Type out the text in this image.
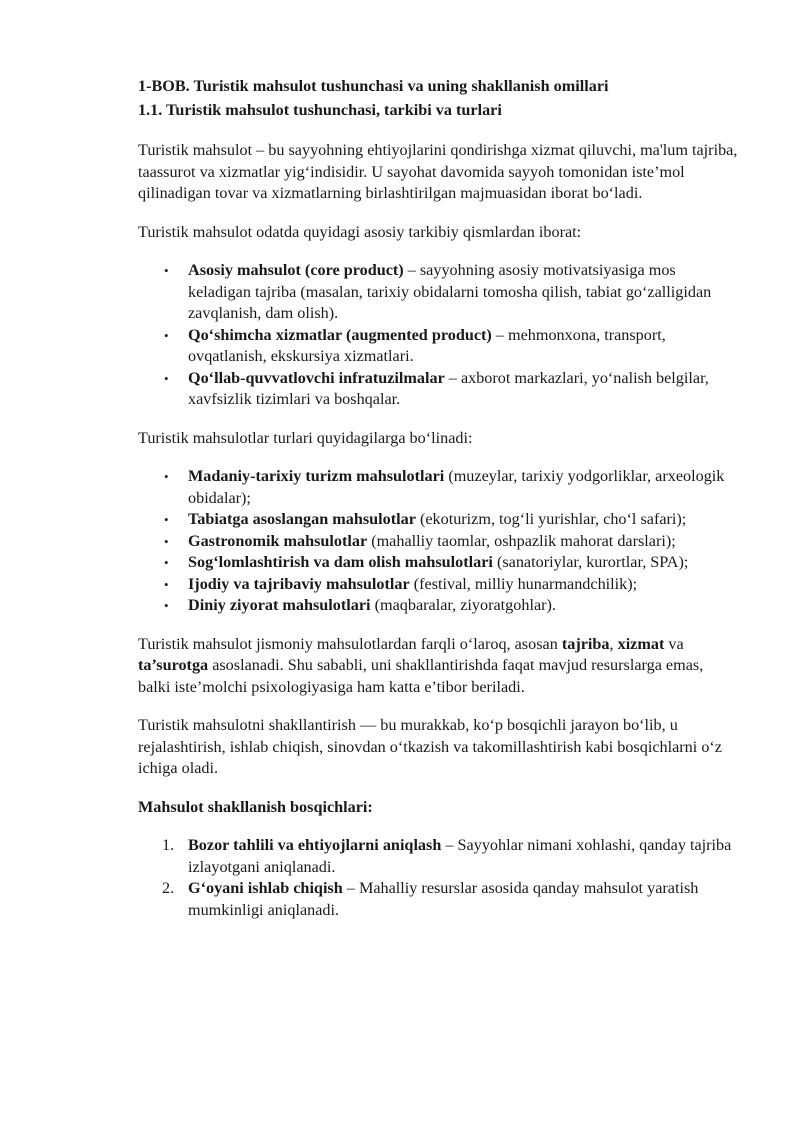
1-BOB. Turistik mahsulot tushunchasi va uning shakllanish omillari
1.1. Turistik mahsulot tushunchasi, tarkibi va turlari

Turistik mahsulot – bu sayyohning ehtiyojlarini qondirishga xizmat qiluvchi, ma'lum tajriba, taassurot va xizmatlar yig‘indisidir. U sayohat davomida sayyoh tomonidan iste’mol qilinadigan tovar va xizmatlarning birlashtirilgan majmuasidan iborat bo‘ladi.

Turistik mahsulot odatda quyidagi asosiy tarkibiy qismlardan iborat:

• Asosiy mahsulot (core product) – sayyohning asosiy motivatsiyasiga mos keladigan tajriba (masalan, tarixiy obidalarni tomosha qilish, tabiat go‘zalligidan zavqlanish, dam olish).
• Qo‘shimcha xizmatlar (augmented product) – mehmonxona, transport, ovqatlanish, ekskursiya xizmatlari.
• Qo‘llab-quvvatlovchi infratuzilmalar – axborot markazlari, yo‘nalish belgilar, xavfsizlik tizimlari va boshqalar.

Turistik mahsulotlar turlari quyidagilarga bo‘linadi:

• Madaniy-tarixiy turizm mahsulotlari (muzeylar, tarixiy yodgorliklar, arxeologik obidalar);
• Tabiatga asoslangan mahsulotlar (ekoturizm, tog‘li yurishlar, cho‘l safari);
• Gastronomik mahsulotlar (mahalliy taomlar, oshpazlik mahorat darslari);
• Sog‘lomlashtirish va dam olish mahsulotlari (sanatoriylar, kurortlar, SPA);
• Ijodiy va tajribaviy mahsulotlar (festival, milliy hunarmandchilik);
• Diniy ziyorat mahsulotlari (maqbaralar, ziyoratgohlar).

Turistik mahsulot jismoniy mahsulotlardan farqli o‘laroq, asosan tajriba, xizmat va ta’surotga asoslanadi. Shu sababli, uni shakllantirishda faqat mavjud resurslarga emas, balki iste’molchi psixologiyasiga ham katta e’tibor beriladi.

Turistik mahsulotni shakllantirish — bu murakkab, ko‘p bosqichli jarayon bo‘lib, u rejalashtirish, ishlab chiqish, sinovdan o‘tkazish va takomillashtirish kabi bosqichlarni o‘z ichiga oladi.

Mahsulot shakllanish bosqichlari:
1. Bozor tahlili va ehtiyojlarni aniqlash – Sayyohlar nimani xohlashi, qanday tajriba izlayotgani aniqlanadi.
2. G‘oyani ishlab chiqish – Mahalliy resurslar asosida qanday mahsulot yaratish mumkinligi aniqlanadi.
